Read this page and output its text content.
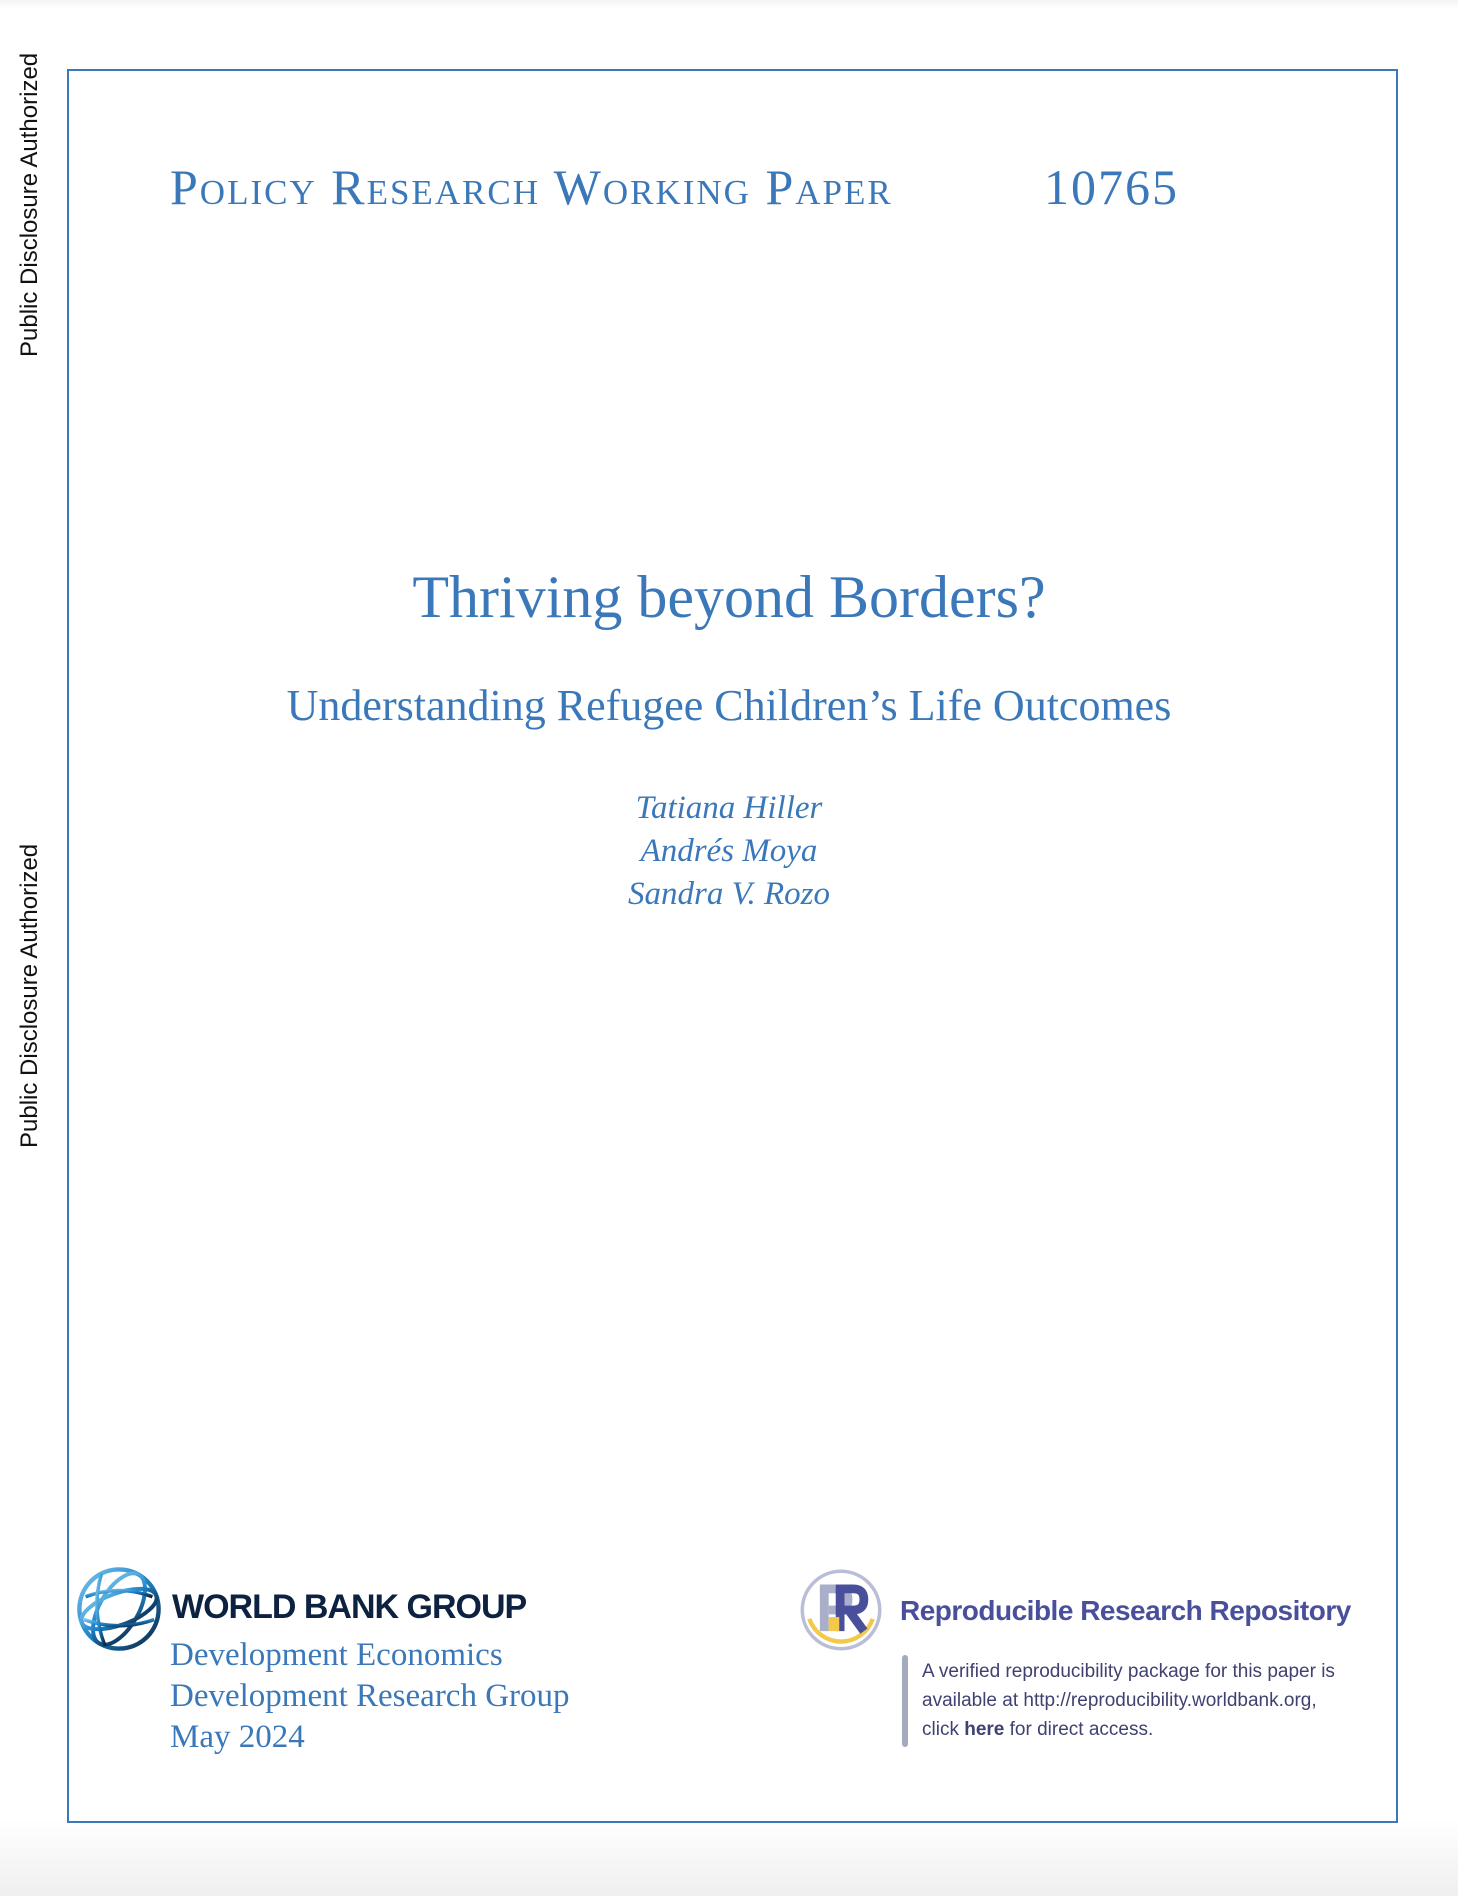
Public Disclosure Authorized
Public Disclosure Authorized
Policy Research Working Paper	10765
Thriving beyond Borders?
Understanding Refugee Children’s Life Outcomes
Tatiana Hiller
Andrés Moya
Sandra V. Rozo
WORLD BANK GROUP
Development Economics
Development Research Group
May 2024
Reproducible Research Repository
A verified reproducibility package for this paper is
available at http://reproducibility.worldbank.org,
click here for direct access.
